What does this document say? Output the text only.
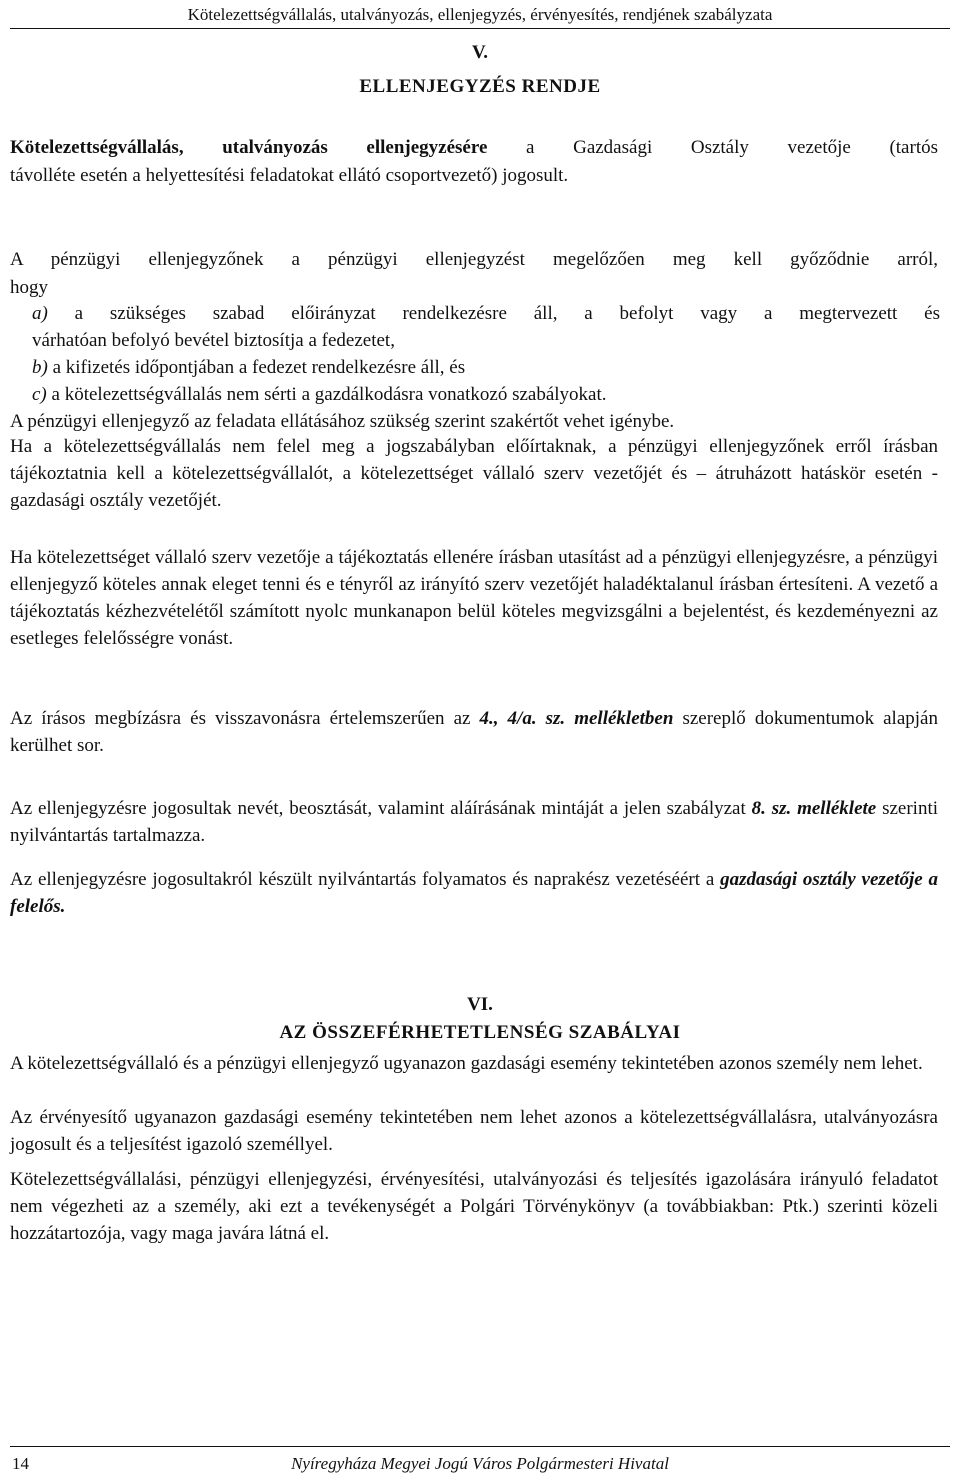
Kötelezettségvállalás, utalványozás, ellenjegyzés, érvényesítés, rendjének szabályzata
V.
ELLENJEGYZÉS RENDJE
Kötelezettségvállalás, utalványozás ellenjegyzésére a Gazdasági Osztály vezetője (tartós
távolléte esetén a helyettesítési feladatokat ellátó csoportvezető) jogosult.
A pénzügyi ellenjegyzőnek a pénzügyi ellenjegyzést megelőzően meg kell győződnie arról,
hogy
a) a szükséges szabad előirányzat rendelkezésre áll, a befolyt vagy a megtervezett és
várhatóan befolyó bevétel biztosítja a fedezetet,
b) a kifizetés időpontjában a fedezet rendelkezésre áll, és
c) a kötelezettségvállalás nem sérti a gazdálkodásra vonatkozó szabályokat.
A pénzügyi ellenjegyző az feladata ellátásához szükség szerint szakértőt vehet igénybe.
Ha a kötelezettségvállalás nem felel meg a jogszabályban előírtaknak, a pénzügyi ellenjegyzőnek erről írásban tájékoztatnia kell a kötelezettségvállalót, a kötelezettséget vállaló szerv vezetőjét és – átruházott hatáskör esetén - gazdasági osztály vezetőjét.
Ha kötelezettséget vállaló szerv vezetője a tájékoztatás ellenére írásban utasítást ad a pénzügyi ellenjegyzésre, a pénzügyi ellenjegyző köteles annak eleget tenni és e tényről az irányító szerv vezetőjét haladéktalanul írásban értesíteni. A vezető a tájékoztatás kézhezvételétől számított nyolc munkanapon belül köteles megvizsgálni a bejelentést, és kezdeményezni az esetleges felelősségre vonást.
Az írásos megbízásra és visszavonásra értelemszerűen az 4., 4/a. sz. mellékletben szereplő dokumentumok alapján kerülhet sor.
Az ellenjegyzésre jogosultak nevét, beosztását, valamint aláírásának mintáját a jelen szabályzat 8. sz. melléklete szerinti nyilvántartás tartalmazza.
Az ellenjegyzésre jogosultakról készült nyilvántartás folyamatos és naprakész vezetéséért a gazdasági osztály vezetője a felelős.
VI.
AZ ÖSSZEFÉRHETETLENSÉG SZABÁLYAI
A kötelezettségvállaló és a pénzügyi ellenjegyző ugyanazon gazdasági esemény tekintetében azonos személy nem lehet.
Az érvényesítő ugyanazon gazdasági esemény tekintetében nem lehet azonos a kötelezettségvállalásra, utalványozásra jogosult és a teljesítést igazoló személlyel.
Kötelezettségvállalási, pénzügyi ellenjegyzési, érvényesítési, utalványozási és teljesítés igazolására irányuló feladatot nem végezheti az a személy, aki ezt a tevékenységét a Polgári Törvénykönyv (a továbbiakban: Ptk.) szerinti közeli hozzátartozója, vagy maga javára látná el.
14	Nyíregyháza Megyei Jogú Város Polgármesteri Hivatal
